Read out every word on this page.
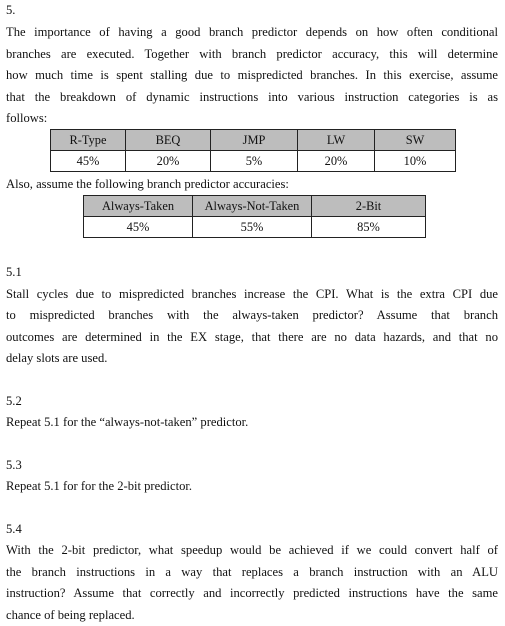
5.
The importance of having a good branch predictor depends on how often conditional
branches are executed. Together with branch predictor accuracy, this will determine
how much time is spent stalling due to mispredicted branches. In this exercise, assume
that the breakdown of dynamic instructions into various instruction categories is as
follows:
R-Type	BEQ	JMP	LW	SW
45%	20%	5%	20%	10%
Also, assume the following branch predictor accuracies:
Always-Taken	Always-Not-Taken	2-Bit
45%	55%	85%
5.1
Stall cycles due to mispredicted branches increase the CPI. What is the extra CPI due
to mispredicted branches with the always-taken predictor? Assume that branch
outcomes are determined in the EX stage, that there are no data hazards, and that no
delay slots are used.
5.2
Repeat 5.1 for the “always-not-taken” predictor.
5.3
Repeat 5.1 for for the 2-bit predictor.
5.4
With the 2-bit predictor, what speedup would be achieved if we could convert half of
the branch instructions in a way that replaces a branch instruction with an ALU
instruction? Assume that correctly and incorrectly predicted instructions have the same
chance of being replaced.
